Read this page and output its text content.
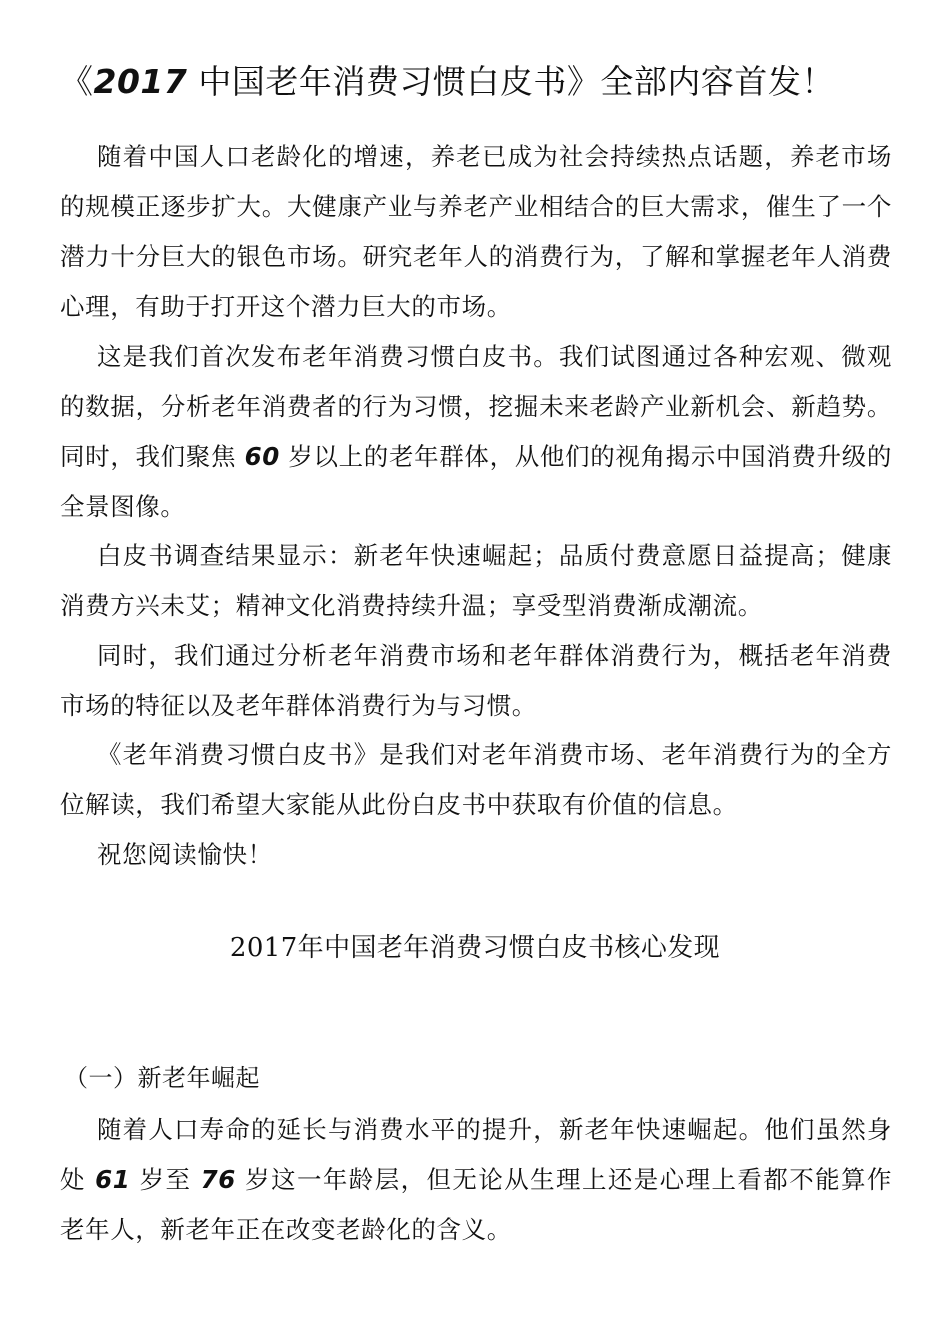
《2017 中国老年消费习惯白皮书》全部内容首发！

随着中国人口老龄化的增速，养老已成为社会持续热点话题，养老市场的规模正逐步扩大。大健康产业与养老产业相结合的巨大需求，催生了一个潜力十分巨大的银色市场。研究老年人的消费行为，了解和掌握老年人消费心理，有助于打开这个潜力巨大的市场。

这是我们首次发布老年消费习惯白皮书。我们试图通过各种宏观、微观的数据，分析老年消费者的行为习惯，挖掘未来老龄产业新机会、新趋势。同时，我们聚焦 60 岁以上的老年群体，从他们的视角揭示中国消费升级的全景图像。

白皮书调查结果显示：新老年快速崛起；品质付费意愿日益提高；健康消费方兴未艾；精神文化消费持续升温；享受型消费渐成潮流。

同时，我们通过分析老年消费市场和老年群体消费行为，概括老年消费市场的特征以及老年群体消费行为与习惯。

《老年消费习惯白皮书》是我们对老年消费市场、老年消费行为的全方位解读，我们希望大家能从此份白皮书中获取有价值的信息。

祝您阅读愉快！

2017年中国老年消费习惯白皮书核心发现
（一）新老年崛起

随着人口寿命的延长与消费水平的提升，新老年快速崛起。他们虽然身处 61 岁至 76 岁这一年龄层，但无论从生理上还是心理上看都不能算作老年人，新老年正在改变老龄化的含义。
